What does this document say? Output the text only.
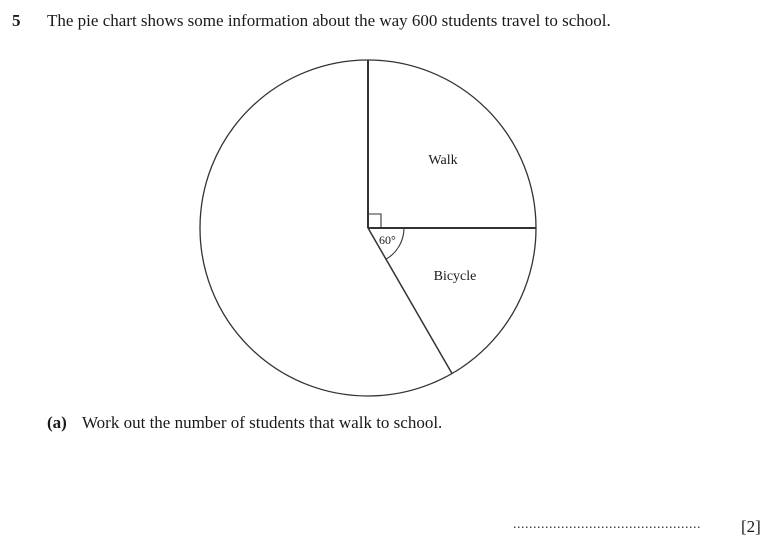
5 The pie chart shows some information about the way 600 students travel to school.
Walk
Bicycle
60°
(a) Work out the number of students that walk to school.
............................................... [2]
